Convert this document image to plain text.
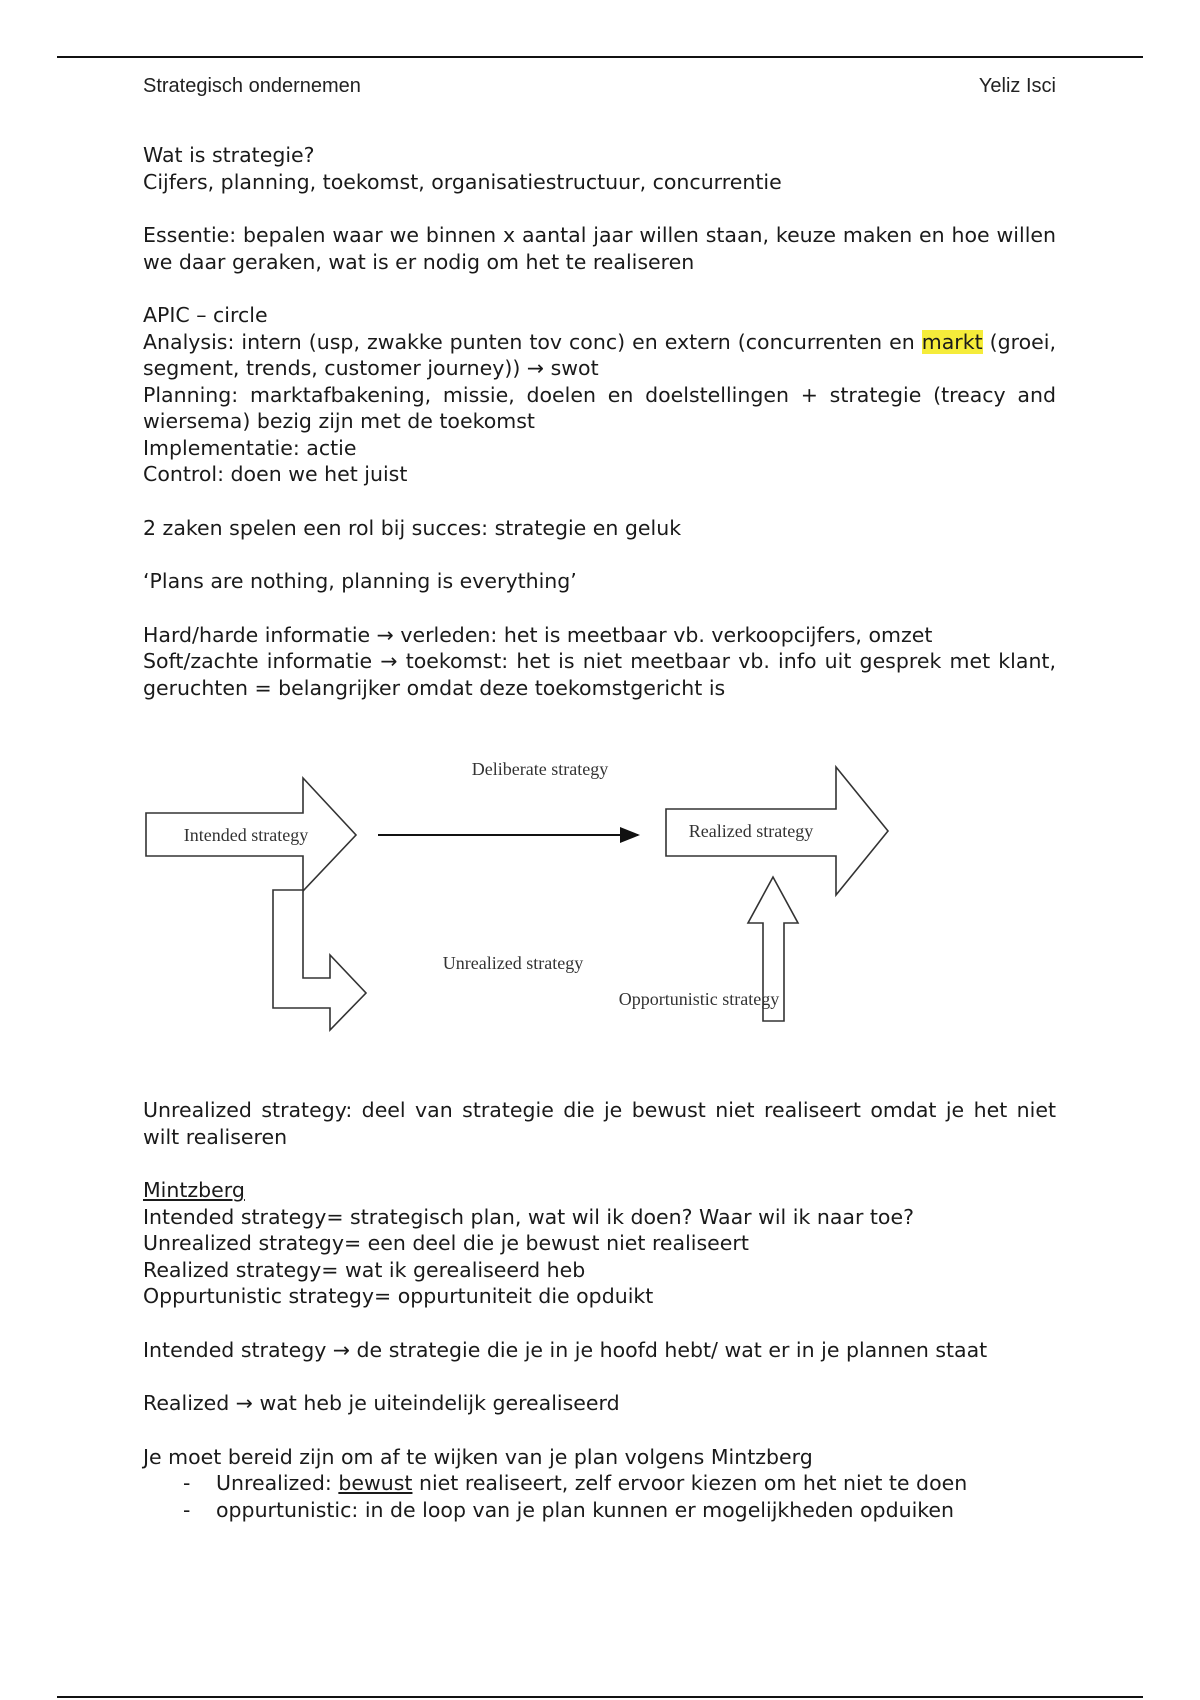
Strategisch ondernemen	Yeliz Isci

Wat is strategie?

Cijfers, planning, toekomst, organisatiestructuur, concurrentie

Essentie: bepalen waar we binnen x aantal jaar willen staan, keuze maken en hoe willen we daar geraken, wat is er nodig om het te realiseren

APIC – circle

Analysis: intern (usp, zwakke punten tov conc) en extern (concurrenten en markt (groei, segment, trends, customer journey)) → swot

Planning: marktafbakening, missie, doelen en doelstellingen + strategie (treacy and wiersema) bezig zijn met de toekomst

Implementatie: actie

Control: doen we het juist

2 zaken spelen een rol bij succes: strategie en geluk

‘Plans are nothing, planning is everything’

Hard/harde informatie → verleden: het is meetbaar vb. verkoopcijfers, omzet

Soft/zachte informatie → toekomst: het is niet meetbaar vb. info uit gesprek met klant, geruchten = belangrijker omdat deze toekomstgericht is

Deliberate strategy
Intended strategy	Realized strategy
Unrealized strategy
Opportunistic strategy

Unrealized strategy: deel van strategie die je bewust niet realiseert omdat je het niet wilt realiseren

Mintzberg

Intended strategy= strategisch plan, wat wil ik doen? Waar wil ik naar toe?

Unrealized strategy= een deel die je bewust niet realiseert

Realized strategy= wat ik gerealiseerd heb

Oppurtunistic strategy= oppurtuniteit die opduikt

Intended strategy → de strategie die je in je hoofd hebt/ wat er in je plannen staat

Realized → wat heb je uiteindelijk gerealiseerd

Je moet bereid zijn om af te wijken van je plan volgens Mintzberg

- Unrealized: bewust niet realiseert, zelf ervoor kiezen om het niet te doen
- oppurtunistic: in de loop van je plan kunnen er mogelijkheden opduiken
